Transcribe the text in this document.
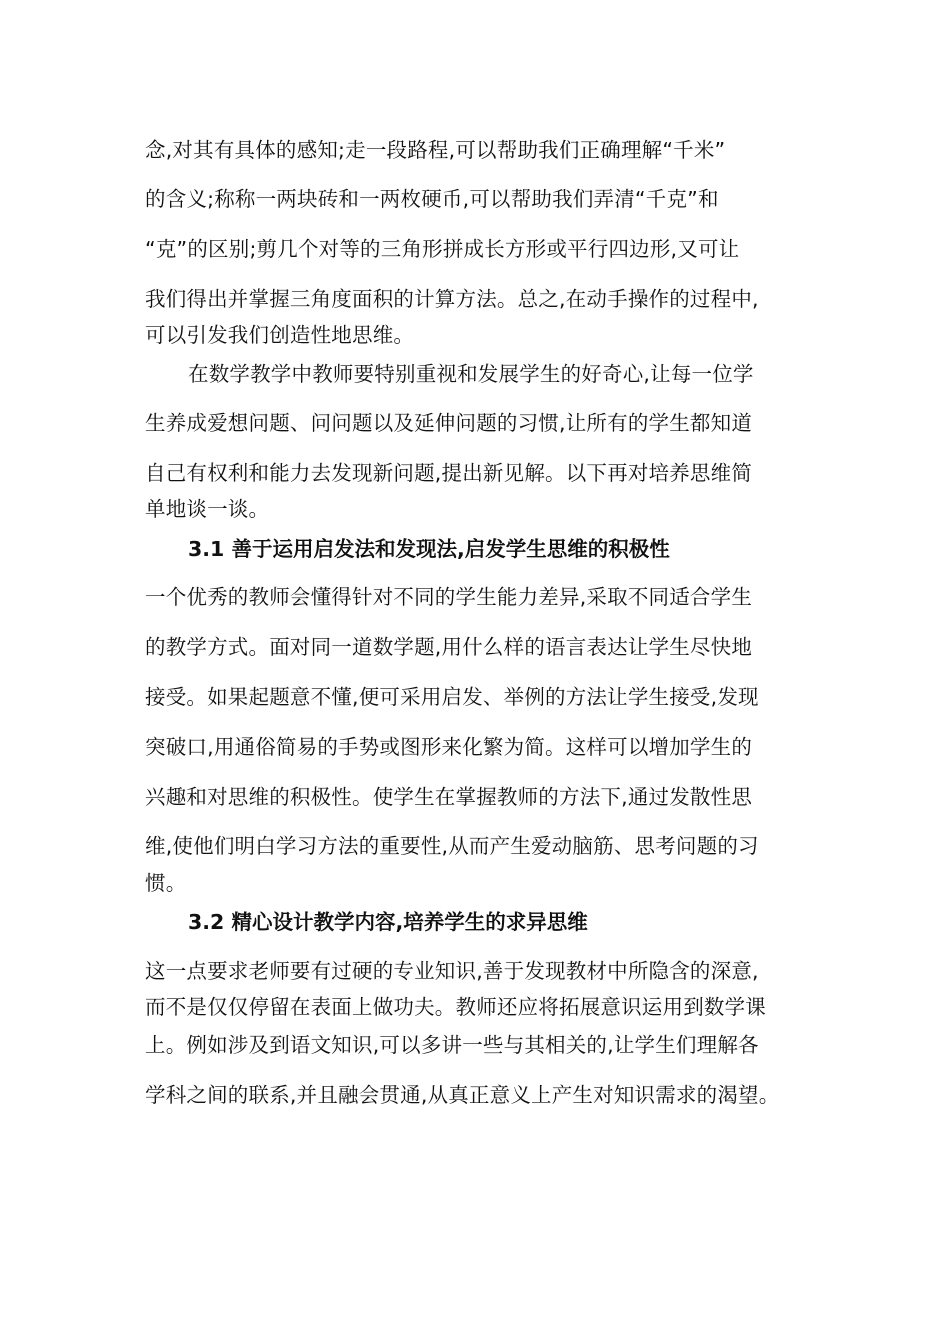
念,对其有具体的感知;走一段路程,可以帮助我们正确理解“千米”
的含义;称称一两块砖和一两枚硬币,可以帮助我们弄清“千克”和
“克”的区别;剪几个对等的三角形拼成长方形或平行四边形,又可让
我们得出并掌握三角度面积的计算方法。总之,在动手操作的过程中,
可以引发我们创造性地思维。
在数学教学中教师要特别重视和发展学生的好奇心,让每一位学
生养成爱想问题、问问题以及延伸问题的习惯,让所有的学生都知道
自己有权利和能力去发现新问题,提出新见解。以下再对培养思维简
单地谈一谈。
3.1 善于运用启发法和发现法,启发学生思维的积极性
一个优秀的教师会懂得针对不同的学生能力差异,采取不同适合学生
的教学方式。面对同一道数学题,用什么样的语言表达让学生尽快地
接受。如果起题意不懂,便可采用启发、举例的方法让学生接受,发现
突破口,用通俗简易的手势或图形来化繁为简。这样可以增加学生的
兴趣和对思维的积极性。使学生在掌握教师的方法下,通过发散性思
维,使他们明白学习方法的重要性,从而产生爱动脑筋、思考问题的习
惯。
3.2 精心设计教学内容,培养学生的求异思维
这一点要求老师要有过硬的专业知识,善于发现教材中所隐含的深意,
而不是仅仅停留在表面上做功夫。教师还应将拓展意识运用到数学课
上。例如涉及到语文知识,可以多讲一些与其相关的,让学生们理解各
学科之间的联系,并且融会贯通,从真正意义上产生对知识需求的渴望。
